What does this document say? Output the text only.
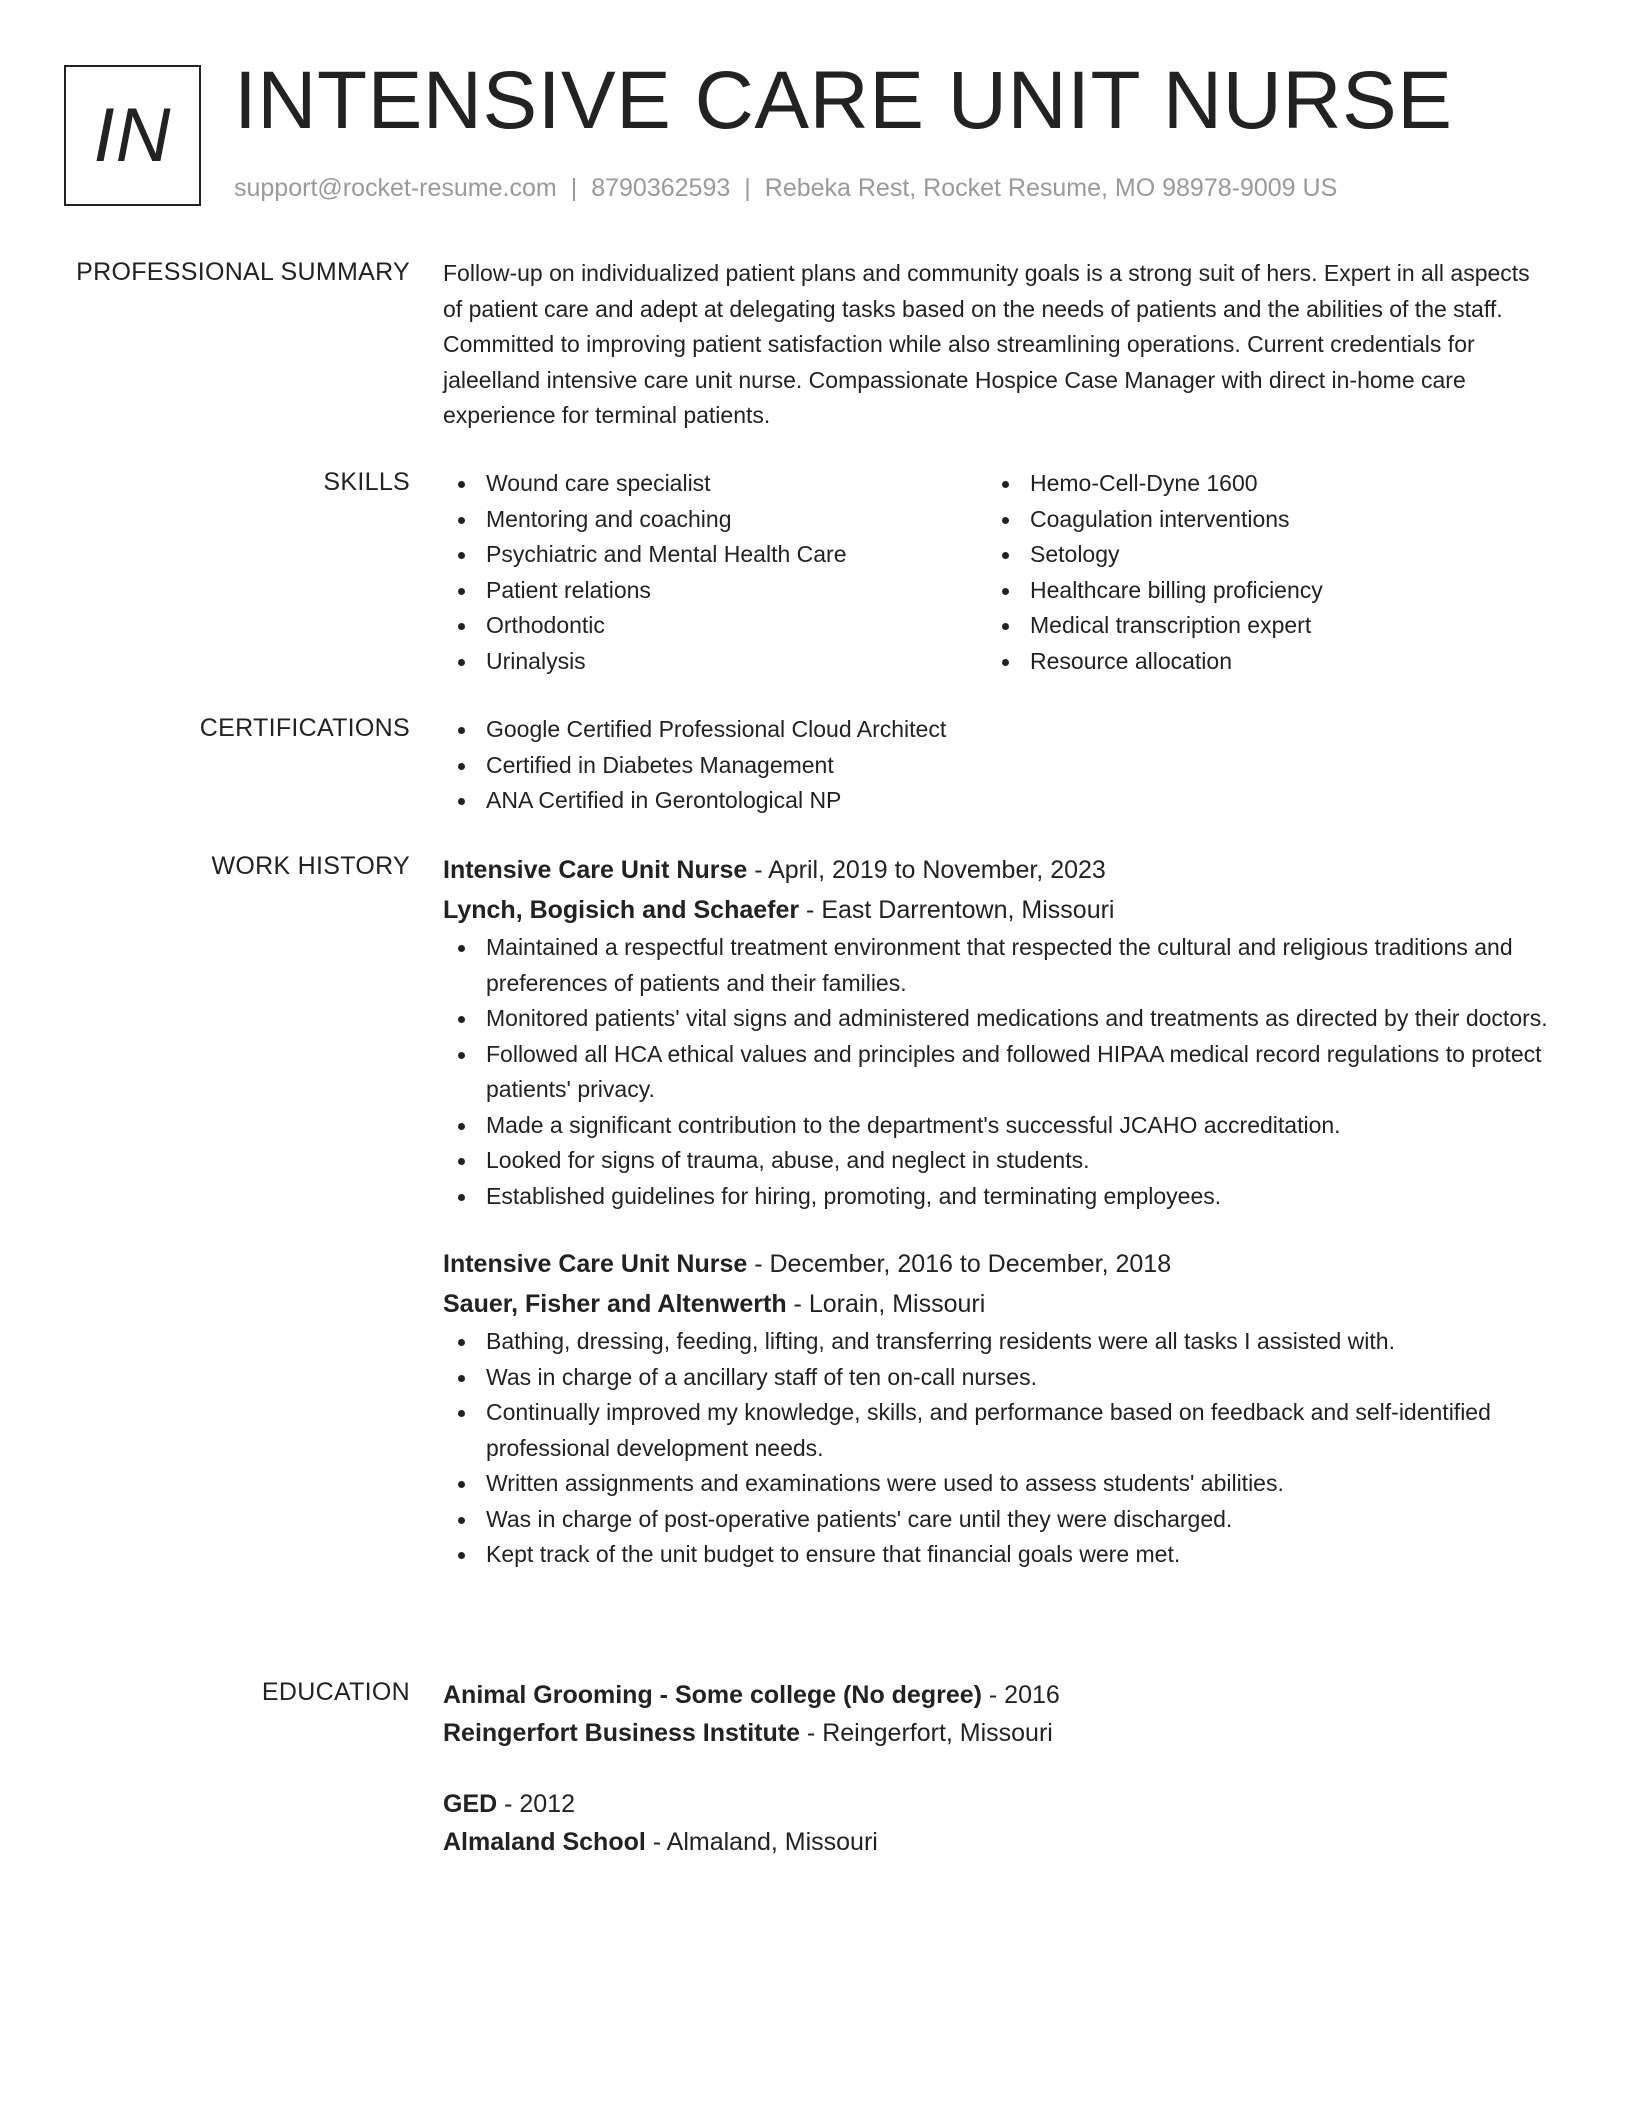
IN INTENSIVE CARE UNIT NURSE
support@rocket-resume.com | 8790362593 | Rebeka Rest, Rocket Resume, MO 98978-9009 US
PROFESSIONAL SUMMARY Follow-up on individualized patient plans and community goals is a strong suit of hers. Expert in all aspects of patient care and adept at delegating tasks based on the needs of patients and the abilities of the staff. Committed to improving patient satisfaction while also streamlining operations. Current credentials for jaleelland intensive care unit nurse. Compassionate Hospice Case Manager with direct in-home care experience for terminal patients.

SKILLS	Wound care specialist
Mentoring and coaching
Psychiatric and Mental Health Care
Patient relations
Orthodontic
Urinalysis
Hemo-Cell-Dyne 1600
Coagulation interventions
Setology
Healthcare billing proficiency
Medical transcription expert
Resource allocation
CERTIFICATIONS	Google Certified Professional Cloud Architect
Certified in Diabetes Management
ANA Certified in Gerontological NP
WORK HISTORY Intensive Care Unit Nurse - April, 2019 to November, 2023
Lynch, Bogisich and Schaefer - East Darrentown, Missouri
Maintained a respectful treatment environment that respected the cultural and religious traditions and preferences of patients and their families.
Monitored patients' vital signs and administered medications and treatments as directed by their doctors.
Followed all HCA ethical values and principles and followed HIPAA medical record regulations to protect patients' privacy.
Made a significant contribution to the department's successful JCAHO accreditation.
Looked for signs of trauma, abuse, and neglect in students.
Established guidelines for hiring, promoting, and terminating employees.
Intensive Care Unit Nurse - December, 2016 to December, 2018
Sauer, Fisher and Altenwerth - Lorain, Missouri
Bathing, dressing, feeding, lifting, and transferring residents were all tasks I assisted with.
Was in charge of a ancillary staff of ten on-call nurses.
Continually improved my knowledge, skills, and performance based on feedback and self-identified professional development needs.
Written assignments and examinations were used to assess students' abilities.
Was in charge of post-operative patients' care until they were discharged.
Kept track of the unit budget to ensure that financial goals were met.
EDUCATION Animal Grooming - Some college (No degree) - 2016
Reingerfort Business Institute - Reingerfort, Missouri
GED - 2012
Almaland School - Almaland, Missouri
